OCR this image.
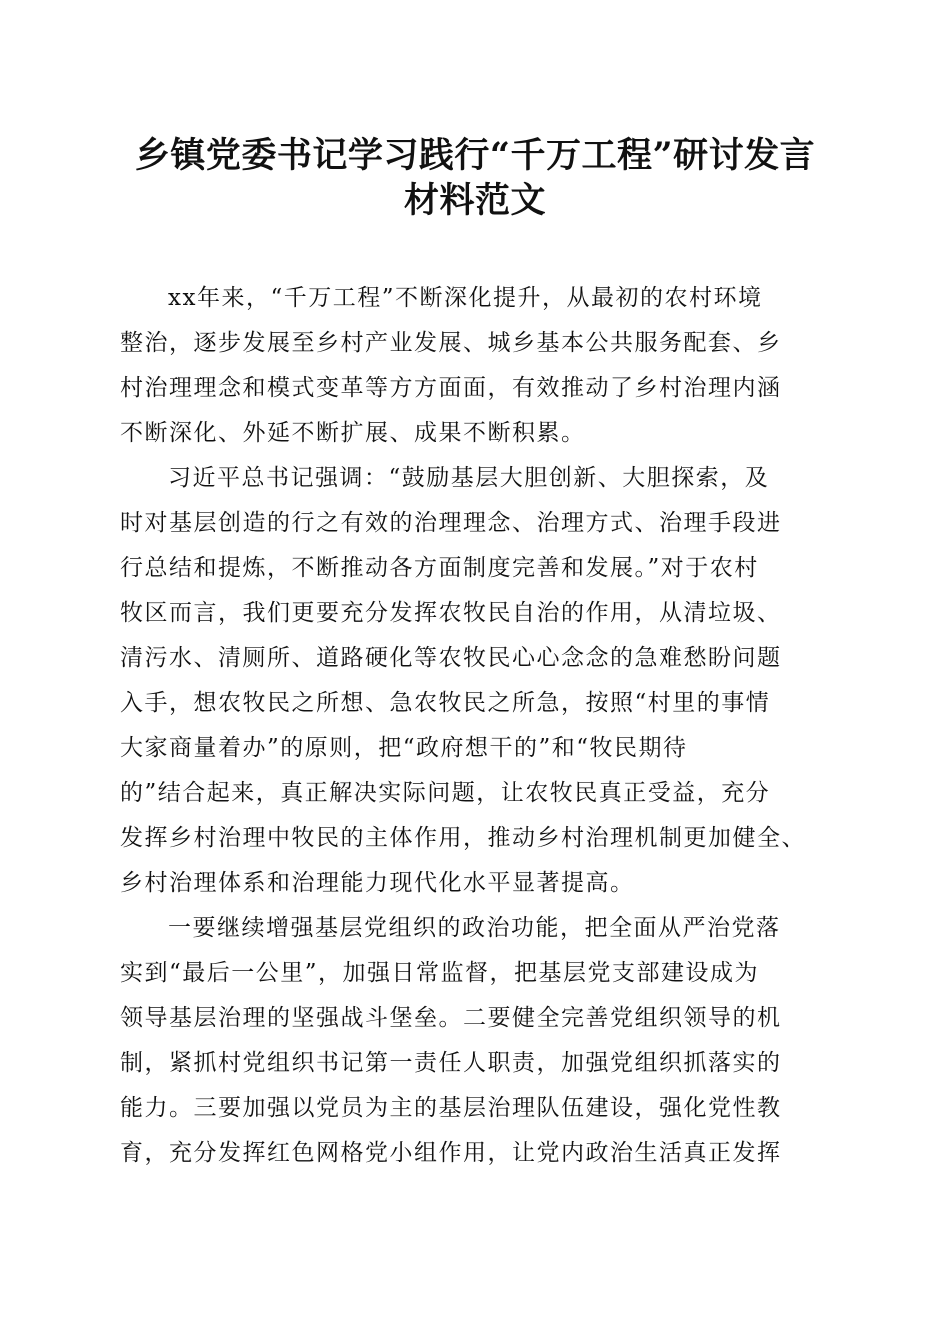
乡镇党委书记学习践行“千万工程”研讨发言
材料范文

xx年来，“千万工程”不断深化提升，从最初的农村环境
整治，逐步发展至乡村产业发展、城乡基本公共服务配套、乡
村治理理念和模式变革等方方面面，有效推动了乡村治理内涵
不断深化、外延不断扩展、成果不断积累。

习近平总书记强调：“鼓励基层大胆创新、大胆探索，及
时对基层创造的行之有效的治理理念、治理方式、治理手段进
行总结和提炼，不断推动各方面制度完善和发展。”对于农村
牧区而言，我们更要充分发挥农牧民自治的作用，从清垃圾、
清污水、清厕所、道路硬化等农牧民心心念念的急难愁盼问题
入手，想农牧民之所想、急农牧民之所急，按照“村里的事情
大家商量着办”的原则，把“政府想干的”和“牧民期待
的”结合起来，真正解决实际问题，让农牧民真正受益，充分
发挥乡村治理中牧民的主体作用，推动乡村治理机制更加健全、
乡村治理体系和治理能力现代化水平显著提高。

一要继续增强基层党组织的政治功能，把全面从严治党落
实到“最后一公里”，加强日常监督，把基层党支部建设成为
领导基层治理的坚强战斗堡垒。二要健全完善党组织领导的机
制，紧抓村党组织书记第一责任人职责，加强党组织抓落实的
能力。三要加强以党员为主的基层治理队伍建设，强化党性教
育，充分发挥红色网格党小组作用，让党内政治生活真正发挥
